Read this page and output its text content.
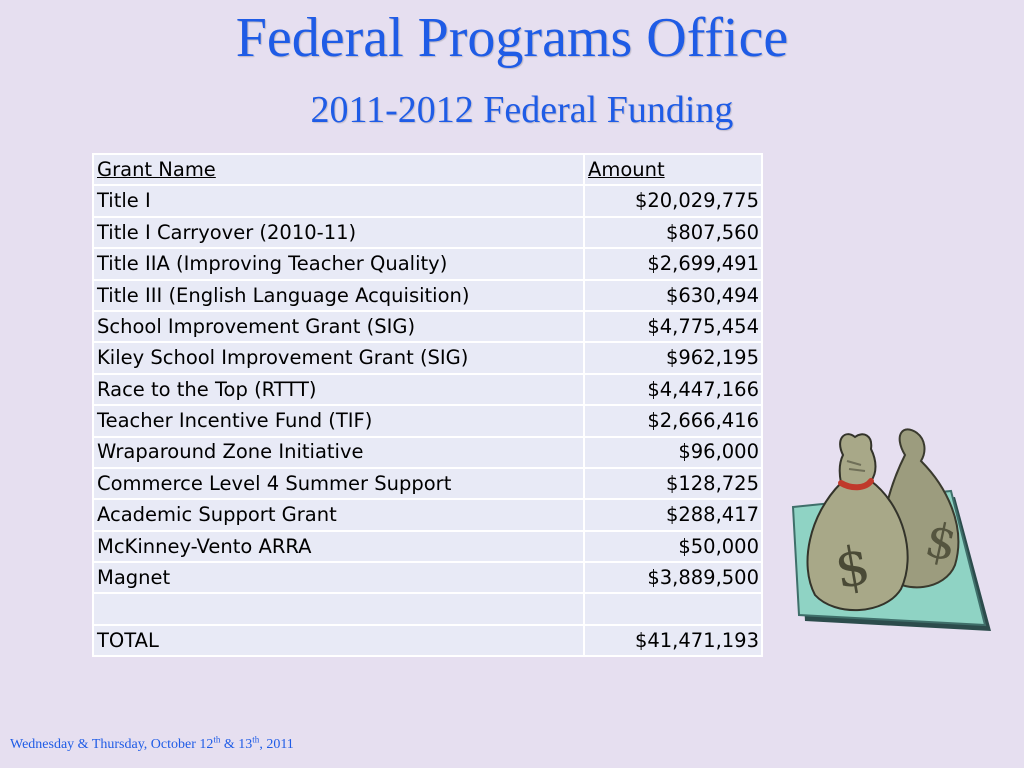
Federal Programs Office
2011-2012 Federal Funding
Grant Name	Amount
Title I	$20,029,775
Title I Carryover (2010-11)	$807,560
Title IIA (Improving Teacher Quality)	$2,699,491
Title III (English Language Acquisition)	$630,494
School Improvement Grant (SIG)	$4,775,454
Kiley School Improvement Grant (SIG)	$962,195
Race to the Top (RTTT)	$4,447,166
Teacher Incentive Fund (TIF)	$2,666,416
Wraparound Zone Initiative	$96,000
Commerce Level 4 Summer Support	$128,725
Academic Support Grant	$288,417
McKinney-Vento ARRA	$50,000
Magnet	$3,889,500

TOTAL	$41,471,193
$
$

Wednesday & Thursday, October 12th & 13th, 2011
